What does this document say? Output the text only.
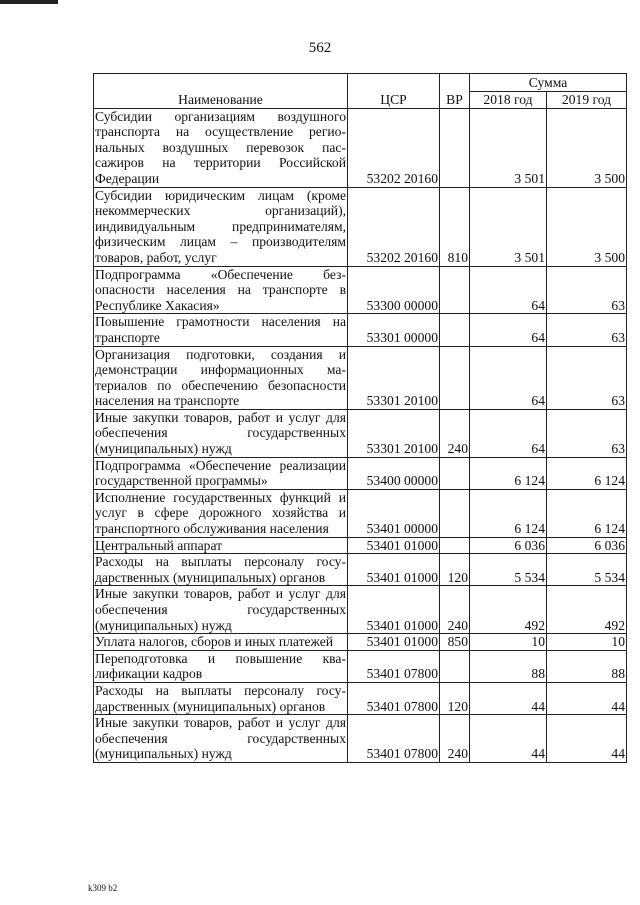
562
Наименование	ЦСР	ВР	Сумма	
			2018 год	2019 год
Субсидии организациям воздушного транспорта на осуществление региональных воздушных перевозок пассажиров на территории Российской Федерации	53202 20160		3 501	3 500
Субсидии юридическим лицам (кроме некоммерческих организаций), индивидуальным предпринимателям, физическим лицам – производителям товаров, работ, услуг	53202 20160	810	3 501	3 500
Подпрограмма «Обеспечение безопасности населения на транспорте в Республике Хакасия»	53300 00000		64	63
Повышение грамотности населения на транспорте	53301 00000		64	63
Организация подготовки, создания и демонстрации информационных материалов по обеспечению безопасности населения на транспорте	53301 20100		64	63
Иные закупки товаров, работ и услуг для обеспечения государственных (муниципальных) нужд	53301 20100	240	64	63
Подпрограмма «Обеспечение реализации государственной программы»	53400 00000		6 124	6 124
Исполнение государственных функций и услуг в сфере дорожного хозяйства и транспортного обслуживания населения	53401 00000		6 124	6 124
Центральный аппарат	53401 01000		6 036	6 036
Расходы на выплаты персоналу государственных (муниципальных) органов	53401 01000	120	5 534	5 534
Иные закупки товаров, работ и услуг для обеспечения государственных (муниципальных) нужд	53401 01000	240	492	492
Уплата налогов, сборов и иных платежей	53401 01000	850	10	10
Переподготовка и повышение квалификации кадров	53401 07800		88	88
Расходы на выплаты персоналу государственных (муниципальных) органов	53401 07800	120	44	44
Иные закупки товаров, работ и услуг для обеспечения государственных (муниципальных) нужд	53401 07800	240	44	44
k309 b2
